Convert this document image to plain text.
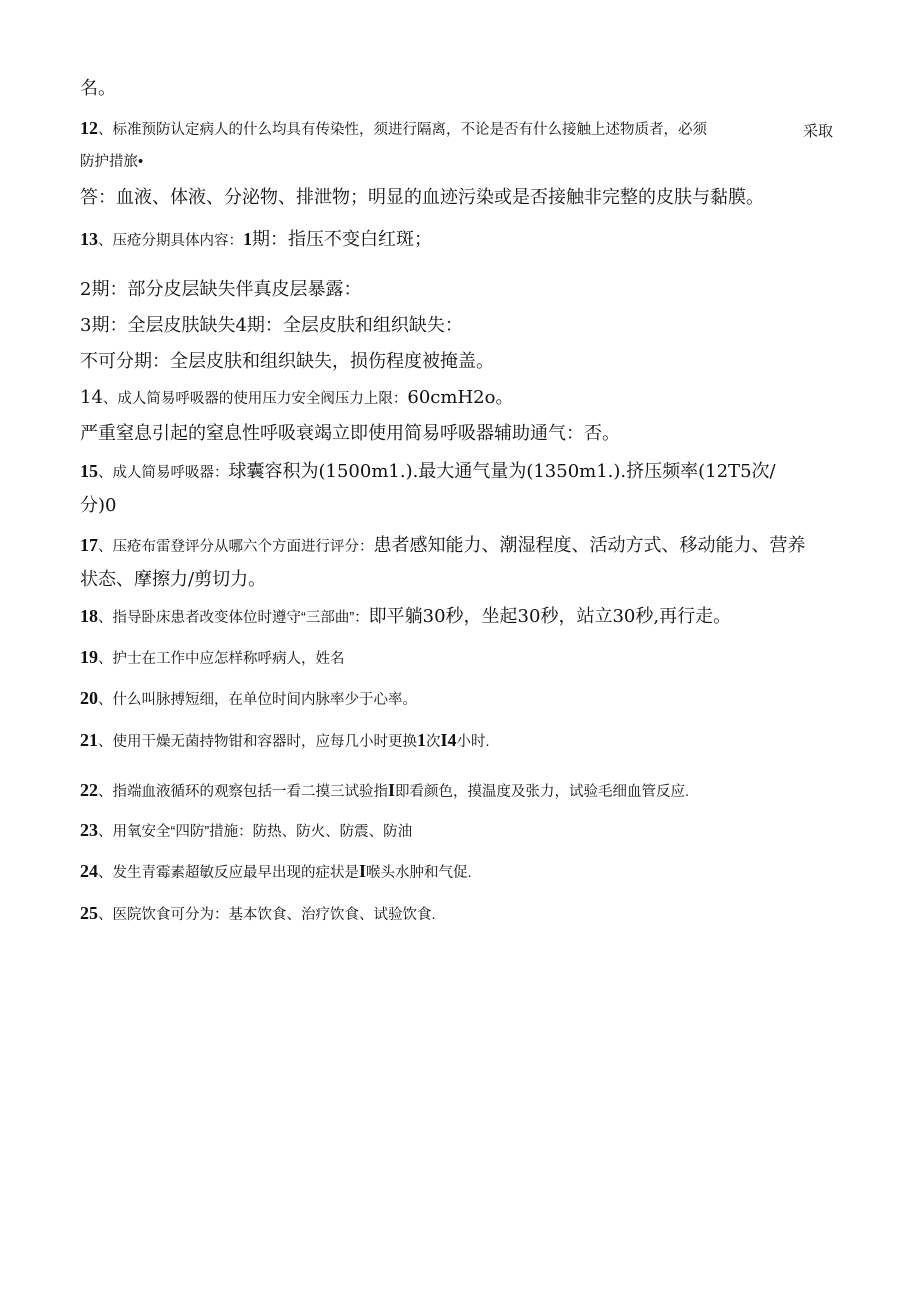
名。
12、标准预防认定病人的什么均具有传染性，须进行隔离，不论是否有什么接触上述物质者，必须	采取
防护措旅•
答：血液、体液、分泌物、排泄物；明显的血迹污染或是否接触非完整的皮肤与黏膜。
13、压疮分期具体内容：1期：指压不变白红斑；
2期：部分皮层缺失伴真皮层暴露：
3期：全层皮肤缺失4期：全层皮肤和组织缺失：
不可分期：全层皮肤和组织缺失，损伤程度被掩盖。
14、成人简易呼吸器的使用压力安全阀压力上限：60cmH2o。
严重窒息引起的窒息性呼吸衰竭立即使用简易呼吸器辅助通气：否。
15、成人简易呼吸器：球囊容积为(1500m1.).最大通气量为(1350m1.).挤压频率(12T5次/
分)0
17、压疮布雷登评分从哪六个方面进行评分：患者感知能力、潮湿程度、活动方式、移动能力、营养
状态、摩擦力/剪切力。
18、指导卧床患者改变体位时遵守“三部曲”：即平躺30秒，坐起30秒，站立30秒,再行走。
19、护士在工作中应怎样称呼病人，姓名
20、什么叫脉搏短细，在单位时间内脉率少于心率。
21、使用干燥无菌持物钳和容器时，应每几小时更换1次I4小时.
22、指端血液循环的观察包括一看二摸三试验指I即看颜色，摸温度及张力，试验毛细血管反应.
23、用氧安全“四防”措施：防热、防火、防震、防油
24、发生青霉素超敏反应最早出现的症状是I喉头水肿和气促.
25、医院饮食可分为：基本饮食、治疗饮食、试验饮食.
